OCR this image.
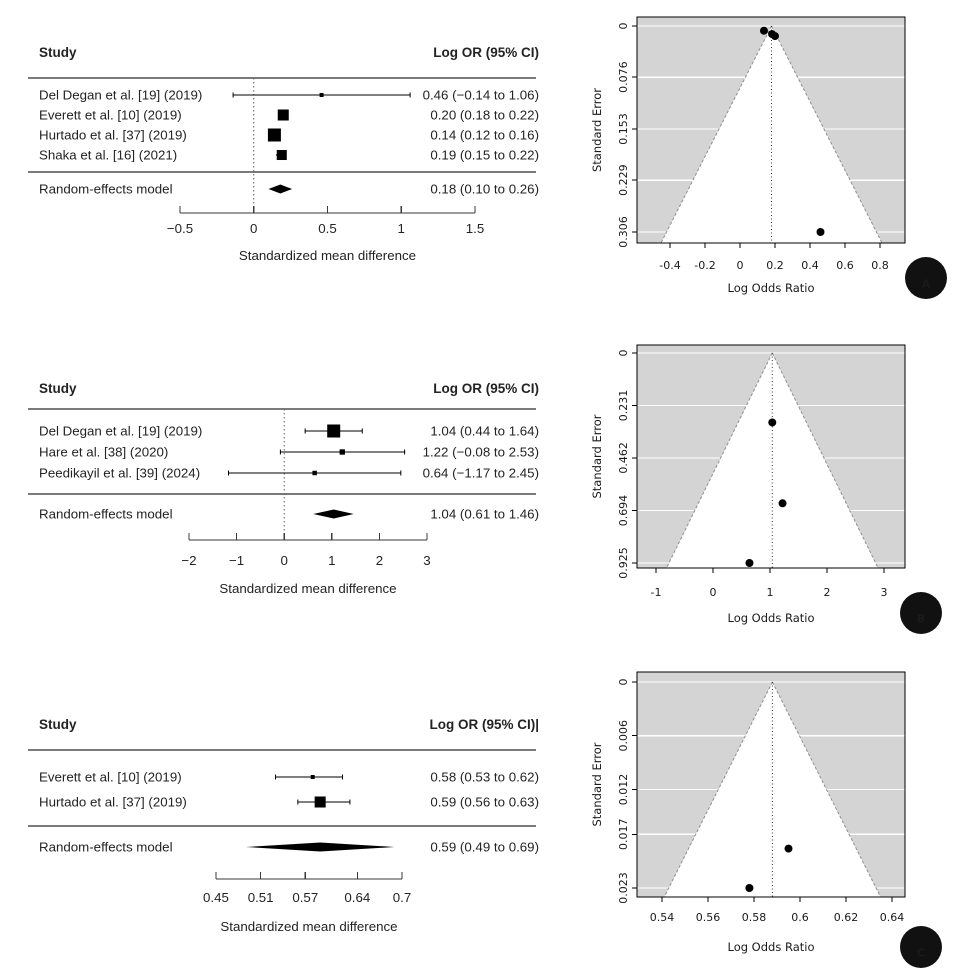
Study	Log OR (95% CI)
Del Degan et al. [19] (2019)	0.46 (−0.14 to 1.06)
Everett et al. [10] (2019)	0.20 (0.18 to 0.22)
Hurtado et al. [37] (2019)	0.14 (0.12 to 0.16)
Shaka et al. [16] (2021)	0.19 (0.15 to 0.22)
Random-effects model	0.18 (0.10 to 0.26)
−0.5	0	0.5	1	1.5
Standardized mean difference
-0.4 -0.2 0 0.2 0.4 0.6 0.8
0
0.076
0.153
0.229
0.306
Log Odds Ratio
Standard Error
A
Study	Log OR (95% CI)
Del Degan et al. [19] (2019)	1.04 (0.44 to 1.64)
Hare et al. [38] (2020)	1.22 (−0.08 to 2.53)
Peedikayil et al. [39] (2024)	0.64 (−1.17 to 2.45)
Random-effects model	1.04 (0.61 to 1.46)
−2 −1	0	1	2	3
Standardized mean difference	-1	0	1	2	3
0
0.231
0.462
0.694
0.925
Log Odds Ratio
Standard Error
B
Study	Log OR (95% CI)|
Everett et al. [10] (2019)	0.58 (0.53 to 0.62)
Hurtado et al. [37] (2019)	0.59 (0.56 to 0.63)
Random-effects model	0.59 (0.49 to 0.69)
0.45 0.51 0.57 0.64 0.7
Standardized mean difference
0.54 0.56 0.58 0.6 0.62 0.64
0
0.006
0.012
0.017
0.023
Log Odds Ratio
Standard Error
C
